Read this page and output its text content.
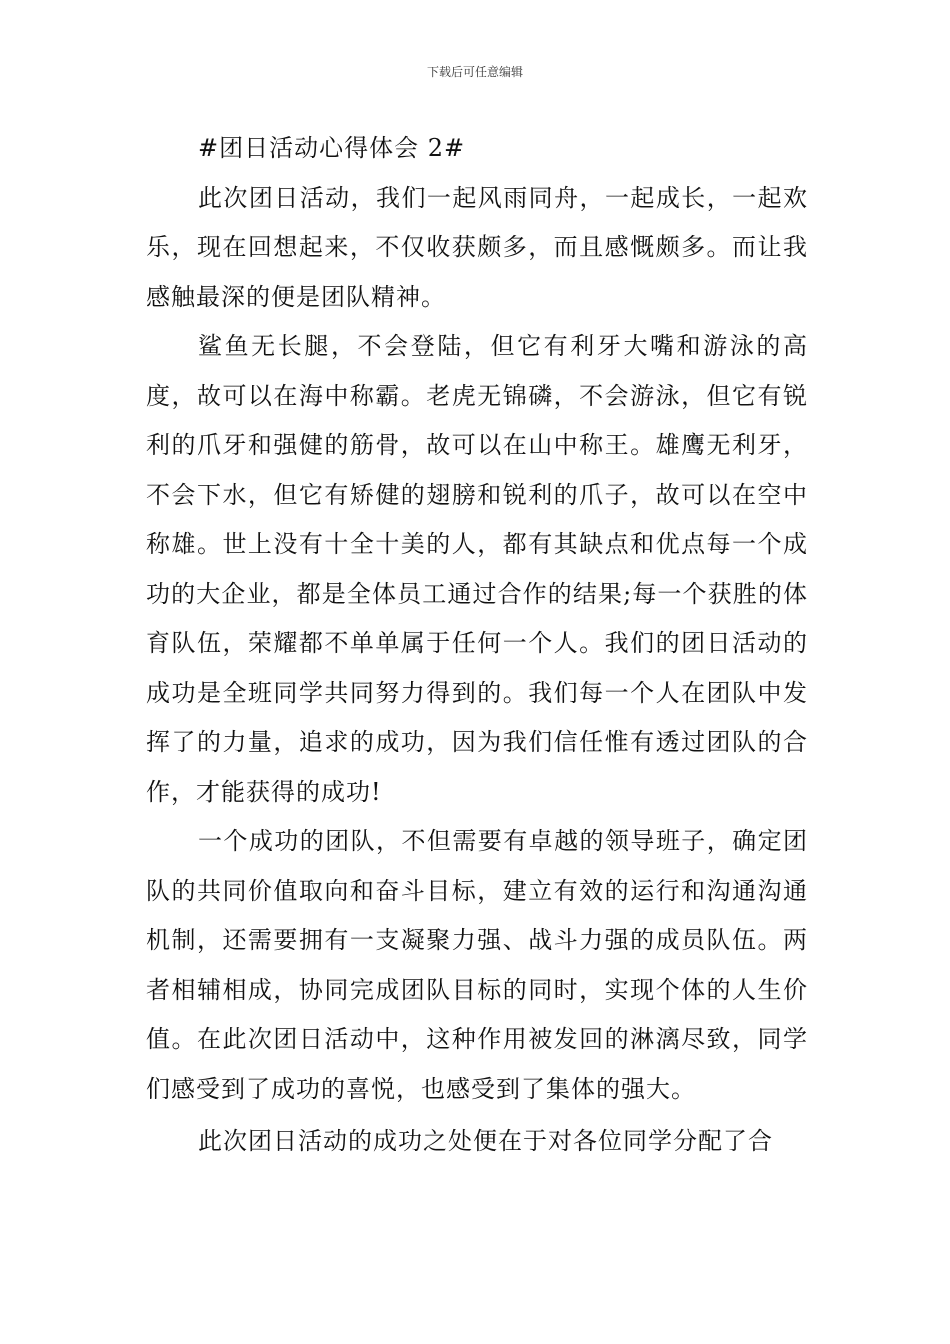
下载后可任意编辑
#团日活动心得体会 2#

此次团日活动，我们一起风雨同舟，一起成长，一起欢乐，现在回想起来，不仅收获颇多，而且感慨颇多。而让我感触最深的便是团队精神。

鲨鱼无长腿，不会登陆，但它有利牙大嘴和游泳的高度，故可以在海中称霸。老虎无锦磷，不会游泳，但它有锐利的爪牙和强健的筋骨，故可以在山中称王。雄鹰无利牙，不会下水，但它有矫健的翅膀和锐利的爪子，故可以在空中称雄。世上没有十全十美的人，都有其缺点和优点每一个成功的大企业，都是全体员工通过合作的结果;每一个获胜的体育队伍，荣耀都不单单属于任何一个人。我们的团日活动的成功是全班同学共同努力得到的。我们每一个人在团队中发挥了的力量，追求的成功，因为我们信任惟有透过团队的合作，才能获得的成功!

一个成功的团队，不但需要有卓越的领导班子，确定团队的共同价值取向和奋斗目标，建立有效的运行和沟通沟通机制，还需要拥有一支凝聚力强、战斗力强的成员队伍。两者相辅相成，协同完成团队目标的同时，实现个体的人生价值。在此次团日活动中，这种作用被发回的淋漓尽致，同学们感受到了成功的喜悦，也感受到了集体的强大。

此次团日活动的成功之处便在于对各位同学分配了合
